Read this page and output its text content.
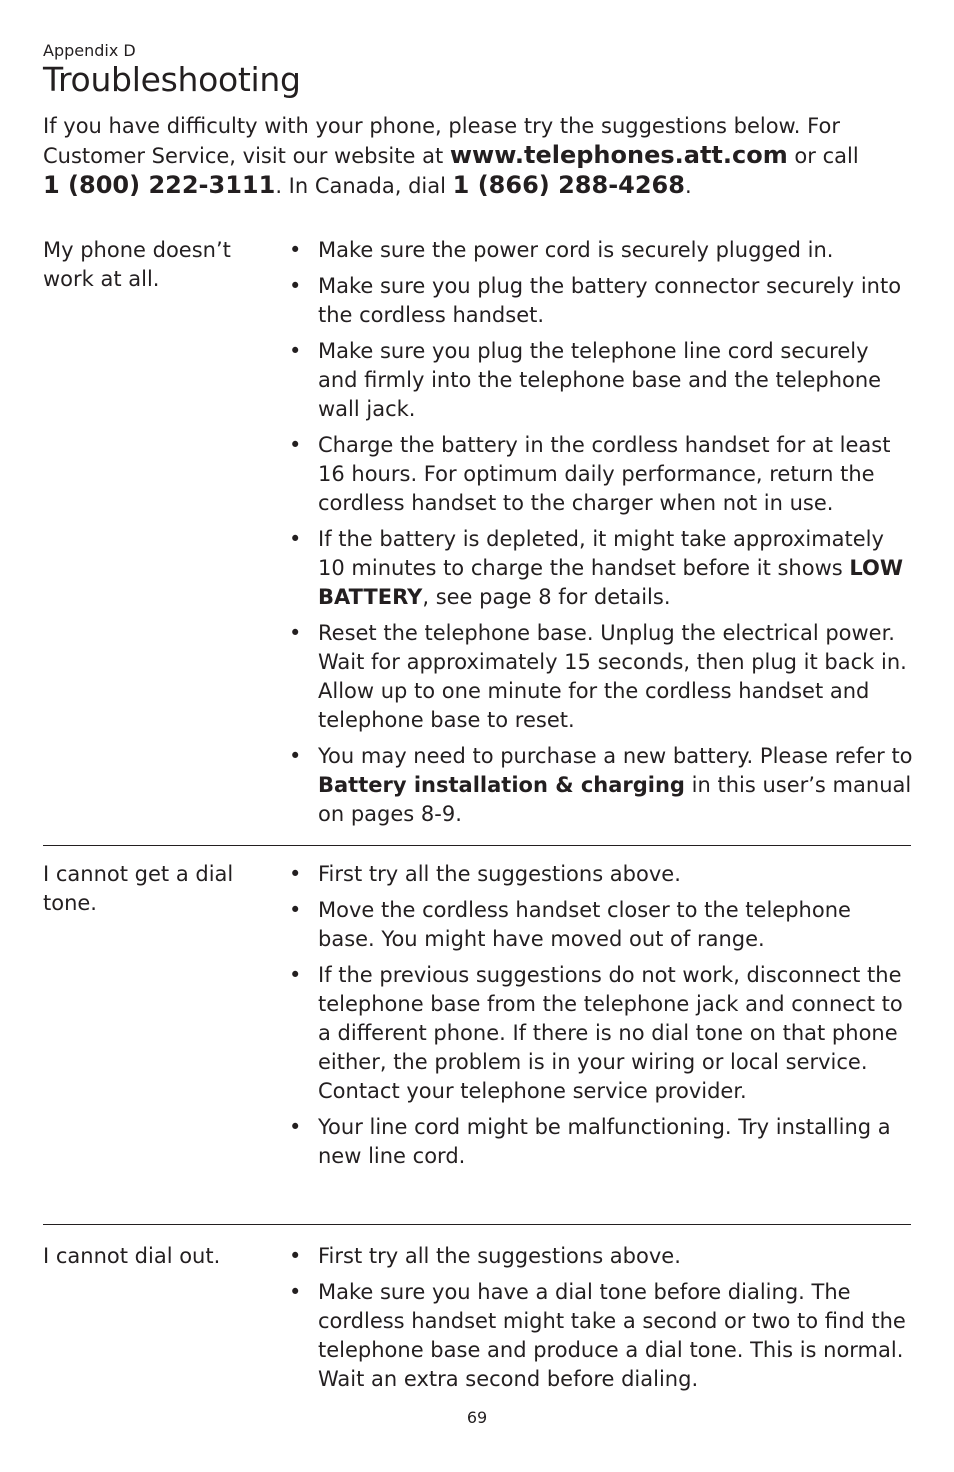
Appendix D
Troubleshooting

If you have difficulty with your phone, please try the suggestions below. For Customer Service, visit our website at www.telephones.att.com or call
1 (800) 222-3111. In Canada, dial 1 (866) 288-4268.

My phone doesn’t work at all.
• Make sure the power cord is securely plugged in.
• Make sure you plug the battery connector securely into the cordless handset.
• Make sure you plug the telephone line cord securely and firmly into the telephone base and the telephone wall jack.
• Charge the battery in the cordless handset for at least 16 hours. For optimum daily performance, return the cordless handset to the charger when not in use.
• If the battery is depleted, it might take approximately 10 minutes to charge the handset before it shows LOW BATTERY, see page 8 for details.
• Reset the telephone base. Unplug the electrical power. Wait for approximately 15 seconds, then plug it back in. Allow up to one minute for the cordless handset and telephone base to reset.
• You may need to purchase a new battery. Please refer to Battery installation & charging in this user’s manual on pages 8-9.
I cannot get a dial tone.
• First try all the suggestions above.
• Move the cordless handset closer to the telephone base. You might have moved out of range.
• If the previous suggestions do not work, disconnect the telephone base from the telephone jack and connect to a different phone. If there is no dial tone on that phone either, the problem is in your wiring or local service. Contact your telephone service provider.
• Your line cord might be malfunctioning. Try installing a new line cord.
I cannot dial out.	• First try all the suggestions above.
• Make sure you have a dial tone before dialing. The cordless handset might take a second or two to find the telephone base and produce a dial tone. This is normal. Wait an extra second before dialing.
69
